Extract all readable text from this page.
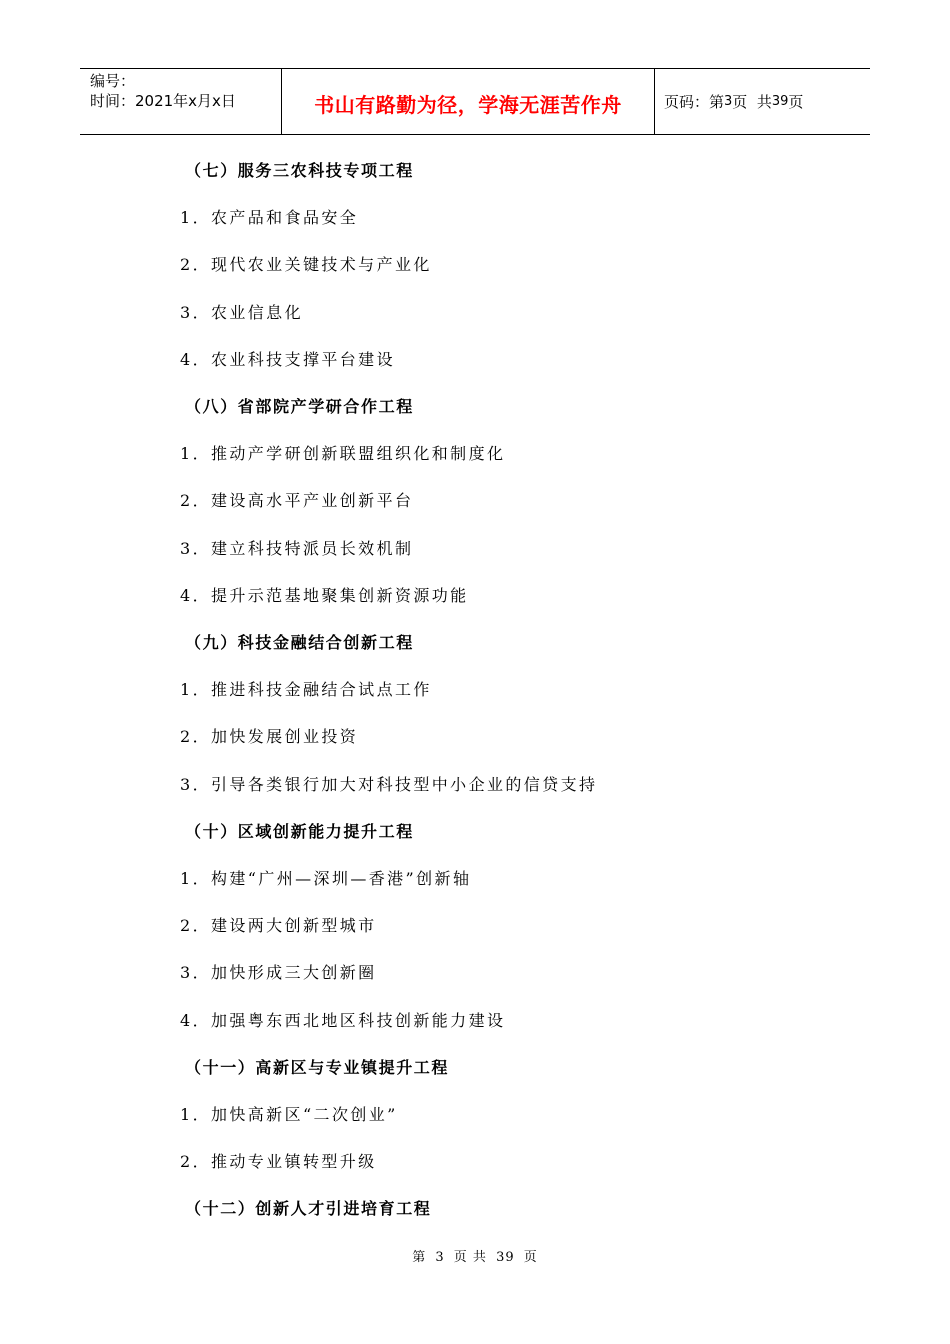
编号：
时间：2021年x月x日	书山有路勤为径，学海无涯苦作舟	页码：第 3 页  共 39 页
（七）服务三农科技专项工程
1．农产品和食品安全
2．现代农业关键技术与产业化
3．农业信息化
4．农业科技支撑平台建设
（八）省部院产学研合作工程
1．推动产学研创新联盟组织化和制度化
2．建设高水平产业创新平台
3．建立科技特派员长效机制
4．提升示范基地聚集创新资源功能
（九）科技金融结合创新工程
1．推进科技金融结合试点工作
2．加快发展创业投资
3．引导各类银行加大对科技型中小企业的信贷支持
（十）区域创新能力提升工程
1．构建“广州—深圳—香港”创新轴
2．建设两大创新型城市
3．加快形成三大创新圈
4．加强粤东西北地区科技创新能力建设
（十一）高新区与专业镇提升工程
1．加快高新区“二次创业”
2．推动专业镇转型升级
（十二）创新人才引进培育工程
第 3 页 共 39 页
